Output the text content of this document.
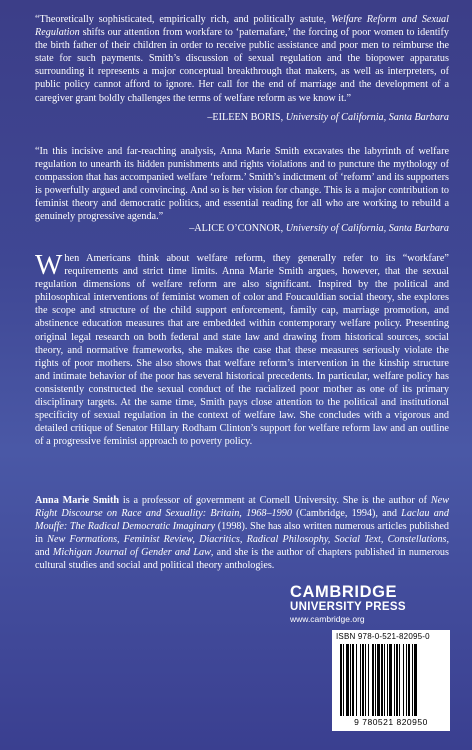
“Theoretically sophisticated, empirically rich, and politically astute, Welfare Reform and Sexual Regulation shifts our attention from workfare to ‘paternafare,’ the forcing of poor women to identify the birth father of their children in order to receive public assistance and poor men to reimburse the state for such payments. Smith’s discussion of sexual regulation and the biopower apparatus surrounding it represents a major conceptual breakthrough that makers, as well as interpreters, of public policy cannot afford to ignore. Her call for the end of marriage and the development of a caregiver grant boldly challenges the terms of welfare reform as we know it.”

–EILEEN BORIS, University of California, Santa Barbara

“In this incisive and far-reaching analysis, Anna Marie Smith excavates the labyrinth of welfare regulation to unearth its hidden punishments and rights violations and to puncture the mythology of compassion that has accompanied welfare ‘reform.’ Smith’s indictment of ‘reform’ and its supporters is powerfully argued and convincing. And so is her vision for change. This is a major contribution to feminist theory and democratic politics, and essential reading for all who are working to rebuild a genuinely progressive agenda.”

–ALICE O’CONNOR, University of California, Santa Barbara

When Americans think about welfare reform, they generally refer to its “workfare” requirements and strict time limits. Anna Marie Smith argues, however, that the sexual regulation dimensions of welfare reform are also significant. Inspired by the political and philosophical interventions of feminist women of color and Foucauldian social theory, she explores the scope and structure of the child support enforcement, family cap, marriage promotion, and abstinence education measures that are embedded within contemporary welfare policy. Presenting original legal research on both federal and state law and drawing from historical sources, social theory, and normative frameworks, she makes the case that these measures seriously violate the rights of poor mothers. She also shows that welfare reform’s intervention in the kinship structure and intimate behavior of the poor has several historical precedents. In particular, welfare policy has consistently constructed the sexual conduct of the racialized poor mother as one of its primary disciplinary targets. At the same time, Smith pays close attention to the political and institutional specificity of sexual regulation in the context of welfare law. She concludes with a vigorous and detailed critique of Senator Hillary Rodham Clinton’s support for welfare reform law and an outline of a progressive feminist approach to poverty policy.

Anna Marie Smith is a professor of government at Cornell University. She is the author of New Right Discourse on Race and Sexuality: Britain, 1968–1990 (Cambridge, 1994), and Laclau and Mouffe: The Radical Democratic Imaginary (1998). She has also written numerous articles published in New Formations, Feminist Review, Diacritics, Radical Philosophy, Social Text, Constellations, and Michigan Journal of Gender and Law, and she is the author of chapters published in numerous cultural studies and social and political theory anthologies.

CAMBRIDGE
UNIVERSITY PRESS
www.cambridge.org
ISBN 978-0-521-82095-0
9 780521 820950
